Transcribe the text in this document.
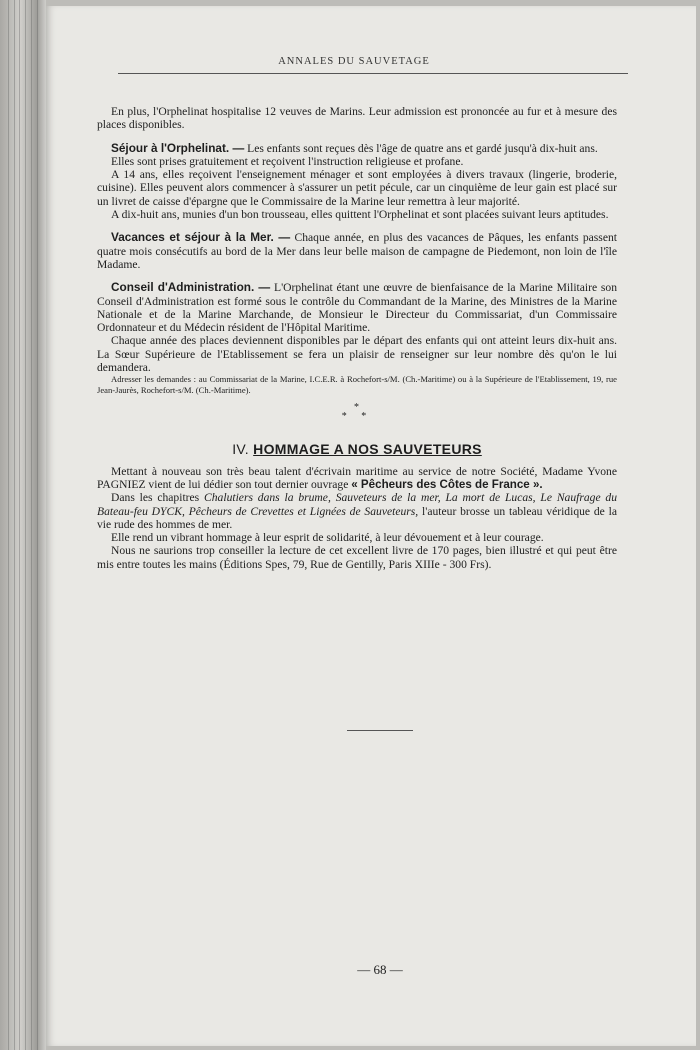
ANNALES DU SAUVETAGE

En plus, l'Orphelinat hospitalise 12 veuves de Marins. Leur admission est prononcée au fur et à mesure des places disponibles.

Séjour à l'Orphelinat. — Les enfants sont reçues dès l'âge de quatre ans et gardé jusqu'à dix-huit ans.

Elles sont prises gratuitement et reçoivent l'instruction religieuse et profane.

A 14 ans, elles reçoivent l'enseignement ménager et sont employées à divers travaux (lingerie, broderie, cuisine). Elles peuvent alors commencer à s'assurer un petit pécule, car un cinquième de leur gain est placé sur un livret de caisse d'épargne que le Commissaire de la Marine leur remettra à leur majorité.

A dix-huit ans, munies d'un bon trousseau, elles quittent l'Orphelinat et sont placées suivant leurs aptitudes.

Vacances et séjour à la Mer. — Chaque année, en plus des vacances de Pâques, les enfants passent quatre mois consécutifs au bord de la Mer dans leur belle maison de campagne de Piedemont, non loin de l'île Madame.

Conseil d'Administration. — L'Orphelinat étant une œuvre de bienfaisance de la Marine Militaire son Conseil d'Administration est formé sous le contrôle du Commandant de la Marine, des Ministres de la Marine Nationale et de la Marine Marchande, de Monsieur le Directeur du Commissariat, d'un Commissaire Ordonnateur et du Médecin résident de l'Hôpital Maritime.

Chaque année des places deviennent disponibles par le départ des enfants qui ont atteint leurs dix-huit ans. La Sœur Supérieure de l'Etablissement se fera un plaisir de renseigner sur leur nombre dès qu'on le lui demandera.

Adresser les demandes : au Commissariat de la Marine, I.C.E.R. à Rochefort-s/M. (Ch.-Maritime) ou à la Supérieure de l'Etablissement, 19, rue Jean-Jaurès, Rochefort-s/M. (Ch.-Maritime).

*
* *
IV. HOMMAGE A NOS SAUVETEURS

Mettant à nouveau son très beau talent d'écrivain maritime au service de notre Société, Madame Yvone PAGNIEZ vient de lui dédier son tout dernier ouvrage « Pêcheurs des Côtes de France ».

Dans les chapitres Chalutiers dans la brume, Sauveteurs de la mer, La mort de Lucas, Le Naufrage du Bateau-feu DYCK, Pêcheurs de Crevettes et Lignées de Sauveteurs, l'auteur brosse un tableau véridique de la vie rude des hommes de mer.

Elle rend un vibrant hommage à leur esprit de solidarité, à leur dévouement et à leur courage.

Nous ne saurions trop conseiller la lecture de cet excellent livre de 170 pages, bien illustré et qui peut être mis entre toutes les mains (Éditions Spes, 79, Rue de Gentilly, Paris XIIIe - 300 Frs).

— 68 —
